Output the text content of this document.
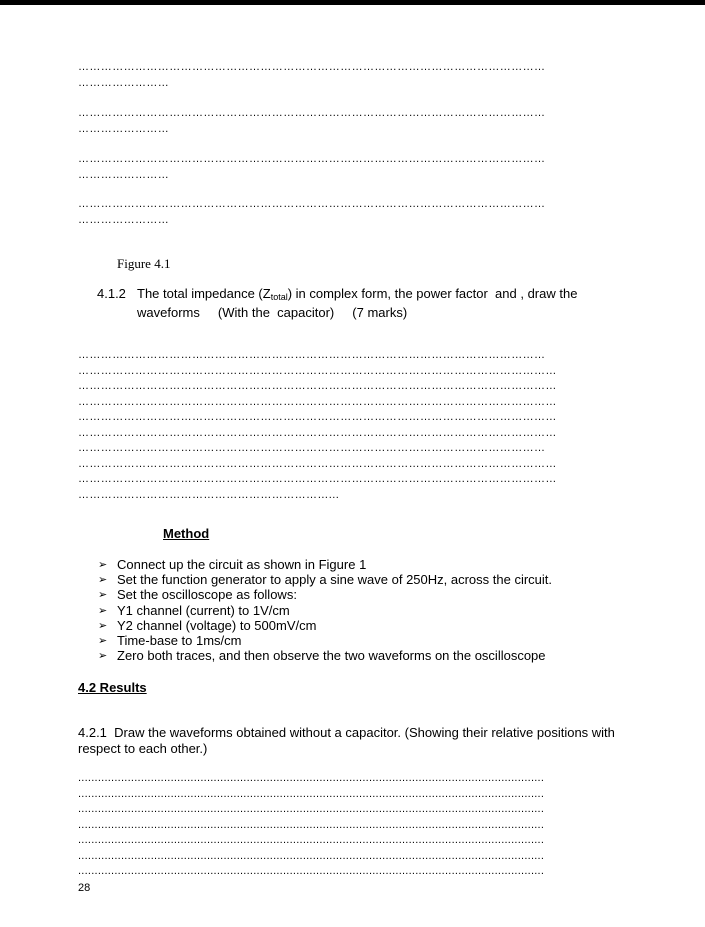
……………………………………………………………………………………………………………
……………………
……………………………………………………………………………………………………………
……………………
……………………………………………………………………………………………………………
……………………
……………………………………………………………………………………………………………
……………………
Figure 4.1
4.1.2 The total impedance $(Z_{total})$ in complex form, the power factor  and , draw the
waveforms     (With the  capacitor)     (7 marks)
……………………………………………………………………………………………………………
………………………………………………………………………………………………………………
………………………………………………………………………………………………………………
………………………………………………………………………………………………………………
………………………………………………………………………………………………………………
………………………………………………………………………………………………………………
……………………………………………………………………………………………………………
………………………………………………………………………………………………………………
………………………………………………………………………………………………………………
…………………………………………………………...
Method
➢ Connect up the circuit as shown in Figure 1
➢ Set the function generator to apply a sine wave of 250Hz, across the circuit.
➢ Set the oscilloscope as follows:
➢ Y1 channel (current) to 1V/cm
➢ Y2 channel (voltage) to 500mV/cm
➢ Time-base to 1ms/cm
➢ Zero both traces, and then observe the two waveforms on the oscilloscope
4.2 Results
4.2.1 Draw the waveforms obtained without a capacitor. (Showing their relative positions with respect to each other.)
.............................................................................................................................................
.............................................................................................................................................
.............................................................................................................................................
.............................................................................................................................................
.............................................................................................................................................
.............................................................................................................................................
.............................................................................................................................................
28
